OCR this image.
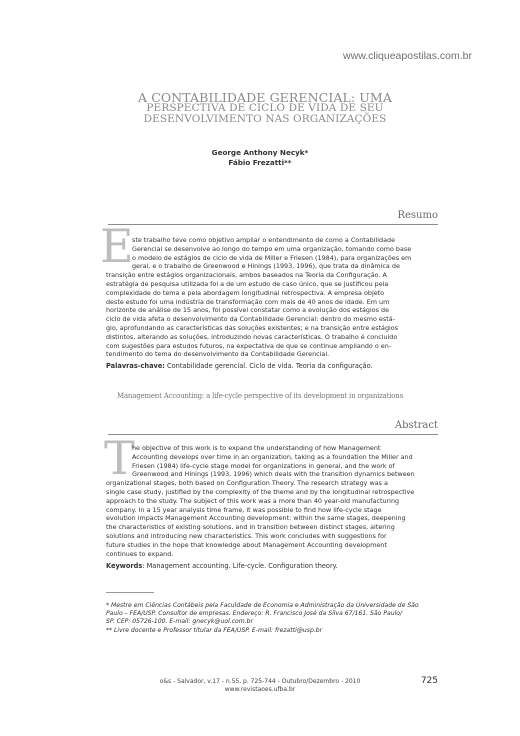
www.cliqueapostilas.com.br
A CONTABILIDADE GERENCIAL: UMA
PERSPECTIVA DE CICLO DE VIDA DE SEU
DESENVOLVIMENTO NAS ORGANIZAÇÕES
George Anthony Necyk*
Fábio Frezatti**
Resumo
E
ste trabalho teve como objetivo ampliar o entendimento de como a Contabilidade
Gerencial se desenvolve ao longo do tempo em uma organização, tomando como base
o modelo de estágios de ciclo de vida de Miller e Friesen (1984), para organizações em
geral, e o trabalho de Greenwood e Hinings (1993, 1996), que trata da dinâmica de
transição entre estágios organizacionais, ambos baseados na Teoria da Configuração. A
estratégia de pesquisa utilizada foi a de um estudo de caso único, que se justificou pela
complexidade do tema e pela abordagem longitudinal retrospectiva. A empresa objeto
deste estudo foi uma indústria de transformação com mais de 40 anos de idade. Em um
horizonte de análise de 15 anos, foi possível constatar como a evolução dos estágios de
ciclo de vida afeta o desenvolvimento da Contabilidade Gerencial: dentro do mesmo está-
gio, aprofundando as características das soluções existentes; e na transição entre estágios
distintos, alterando as soluções, introduzindo novas características. O trabalho é concluído
com sugestões para estudos futuros, na expectativa de que se continue ampliando o en-
tendimento do tema do desenvolvimento da Contabilidade Gerencial.
Palavras-chave: Contabilidade gerencial. Ciclo de vida. Teoria da configuração.
Management Accounting: a life-cycle perspective of its development in organizations
Abstract
T
he objective of this work is to expand the understanding of how Management
Accounting develops over time in an organization, taking as a foundation the Miller and
Friesen (1984) life-cycle stage model for organizations in general, and the work of
Greenwood and Hinings (1993, 1996) which deals with the transition dynamics between
organizational stages, both based on Configuration Theory. The research strategy was a
single case study, justified by the complexity of the theme and by the longitudinal retrospective
approach to the study. The subject of this work was a more than 40 year-old manufacturing
company. In a 15 year analysis time frame, it was possible to find how life-cycle stage
evolution impacts Management Accounting development: within the same stages, deepening
the characteristics of existing solutions, and in transition between distinct stages, altering
solutions and introducing new characteristics. This work concludes with suggestions for
future studies in the hope that knowledge about Management Accounting development
continues to expand.
Keywords: Management accounting. Life-cycle. Configuration theory.
* Mestre em Ciências Contábeis pela Faculdade de Economia e Administração da Universidade de São
Paulo – FEA/USP. Consultor de empresas. Endereço: R. Francisco José da Silva 67/161. São Paulo/
SP. CEP: 05726-100. E-mail: gnecyk@uol.com.br
** Livre docente e Professor titular da FEA/USP. E-mail: frezatti@usp.br
o&s - Salvador, v.17 - n.55, p. 725-744 - Outubro/Dezembro - 2010
www.revistaoes.ufba.br
725
